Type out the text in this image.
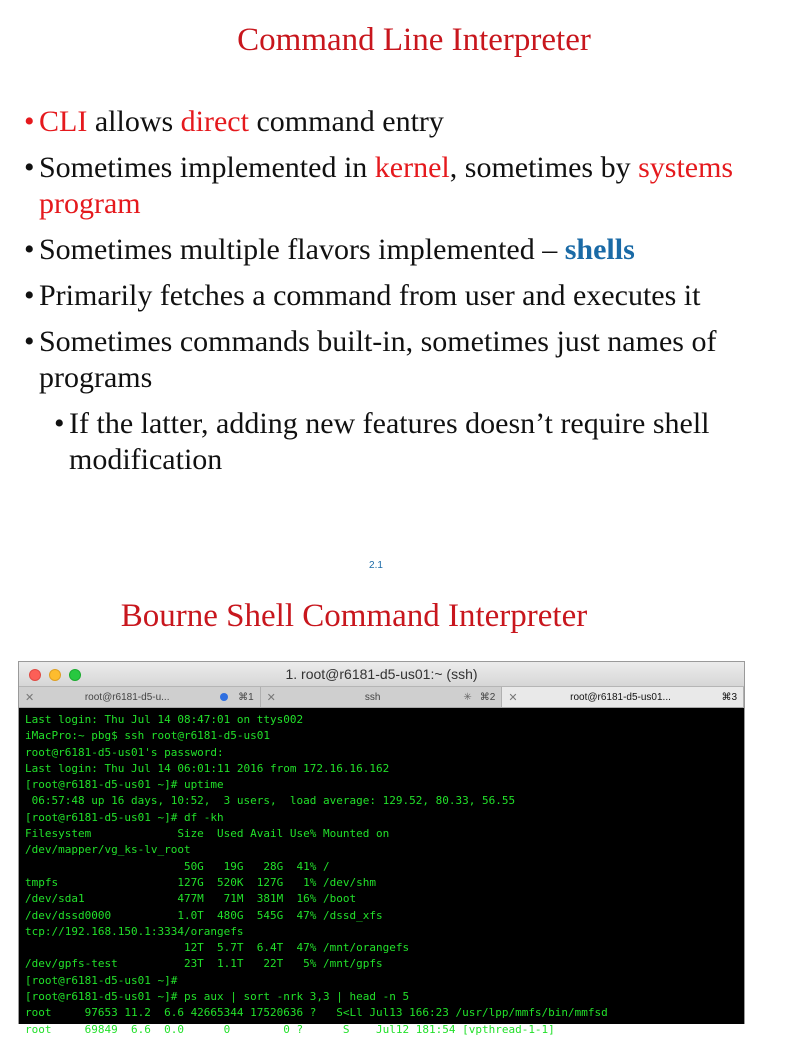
Command Line Interpreter
• CLI allows direct command entry
• Sometimes implemented in kernel, sometimes by systems program
• Sometimes multiple flavors implemented – shells
• Primarily fetches a command from user and executes it
• Sometimes commands built-in, sometimes just names of programs
• If the latter, adding new features doesn’t require shell modification
2.1
Bourne Shell Command Interpreter
1. root@r6181-d5-us01:~ (ssh)
✕	root@r6181-d5-u...	⌘1 ✕	ssh	✳ ⌘2 ✕	root@r6181-d5-us01...	⌘3
Last login: Thu Jul 14 08:47:01 on ttys002
iMacPro:~ pbg$ ssh root@r6181-d5-us01
root@r6181-d5-us01's password:
Last login: Thu Jul 14 06:01:11 2016 from 172.16.16.162
[root@r6181-d5-us01 ~]# uptime
06:57:48 up 16 days, 10:52,  3 users,  load average: 129.52, 80.33, 56.55
[root@r6181-d5-us01 ~]# df -kh
Filesystem             Size  Used Avail Use% Mounted on
/dev/mapper/vg_ks-lv_root
50G   19G   28G  41% /
tmpfs                  127G  520K  127G   1% /dev/shm
/dev/sda1              477M   71M  381M  16% /boot
/dev/dssd0000          1.0T  480G  545G  47% /dssd_xfs
tcp://192.168.150.1:3334/orangefs
12T  5.7T  6.4T  47% /mnt/orangefs
/dev/gpfs-test          23T  1.1T   22T   5% /mnt/gpfs
[root@r6181-d5-us01 ~]#
[root@r6181-d5-us01 ~]# ps aux | sort -nrk 3,3 | head -n 5
root     97653 11.2  6.6 42665344 17520636 ?   S<Ll Jul13 166:23 /usr/lpp/mmfs/bin/mmfsd
root     69849  6.6  0.0      0        0 ?      S    Jul12 181:54 [vpthread-1-1]
